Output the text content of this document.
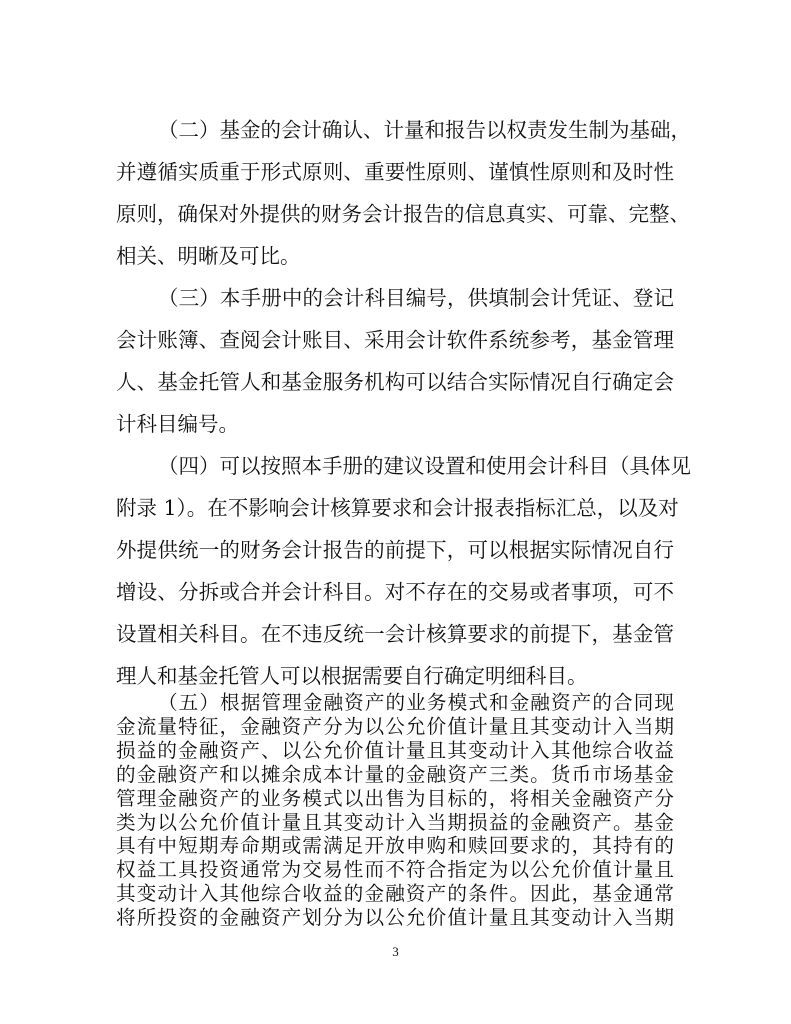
（二）基金的会计确认、计量和报告以权责发生制为基础，
并遵循实质重于形式原则、重要性原则、谨慎性原则和及时性
原则，确保对外提供的财务会计报告的信息真实、可靠、完整、
相关、明晰及可比。
（三）本手册中的会计科目编号，供填制会计凭证、登记
会计账簿、查阅会计账目、采用会计软件系统参考，基金管理
人、基金托管人和基金服务机构可以结合实际情况自行确定会
计科目编号。
（四）可以按照本手册的建议设置和使用会计科目（具体见
附录 1）。在不影响会计核算要求和会计报表指标汇总，以及对
外提供统一的财务会计报告的前提下，可以根据实际情况自行
增设、分拆或合并会计科目。对不存在的交易或者事项，可不
设置相关科目。在不违反统一会计核算要求的前提下，基金管
理人和基金托管人可以根据需要自行确定明细科目。
3
（五）根据管理金融资产的业务模式和金融资产的合同现
金流量特征，金融资产分为以公允价值计量且其变动计入当期
损益的金融资产、以公允价值计量且其变动计入其他综合收益
的金融资产和以摊余成本计量的金融资产三类。货币市场基金
管理金融资产的业务模式以出售为目标的，将相关金融资产分
类为以公允价值计量且其变动计入当期损益的金融资产。基金
具有中短期寿命期或需满足开放申购和赎回要求的，其持有的
权益工具投资通常为交易性而不符合指定为以公允价值计量且
其变动计入其他综合收益的金融资产的条件。因此，基金通常
将所投资的金融资产划分为以公允价值计量且其变动计入当期
